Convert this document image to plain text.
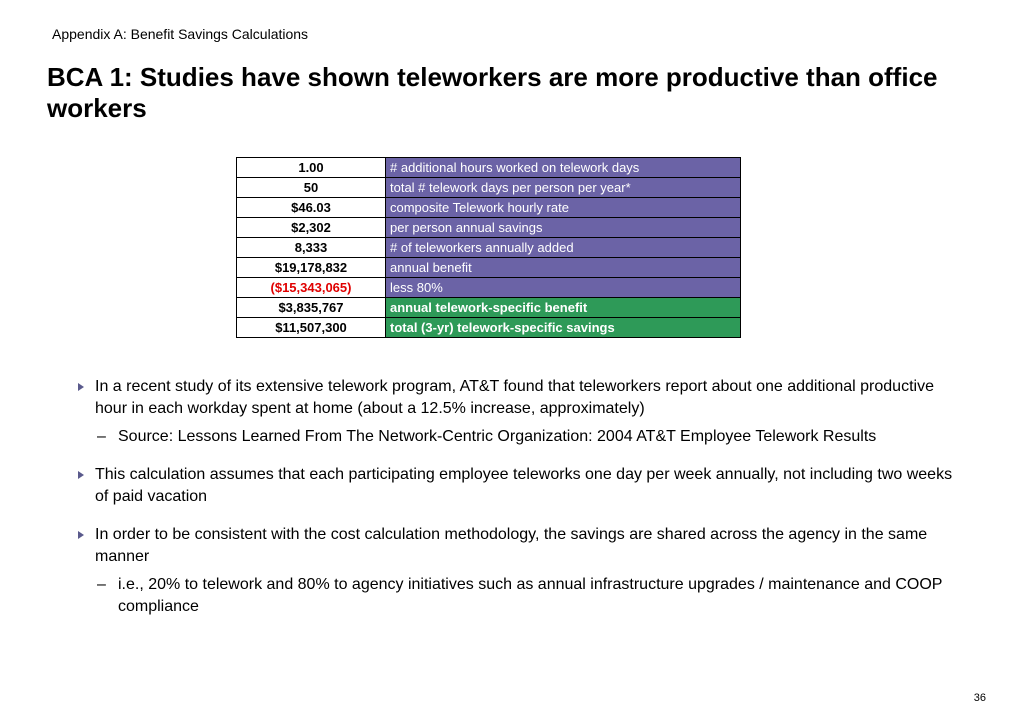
Appendix A: Benefit Savings Calculations
BCA 1: Studies have shown teleworkers are more productive than office workers
1.00	# additional hours worked on telework days
50	total # telework days per person per year*
$46.03	composite Telework hourly rate
$2,302	per person annual savings
8,333	# of teleworkers annually added
$19,178,832	annual benefit
($15,343,065)	less 80%
$3,835,767	annual telework-specific benefit
$11,507,300	total (3-yr) telework-specific savings
In a recent study of its extensive telework program, AT&T found that teleworkers report about one additional productive hour in each workday spent at home (about a 12.5% increase, approximately)
– Source: Lessons Learned From The Network-Centric Organization: 2004 AT&T Employee Telework Results
This calculation assumes that each participating employee teleworks one day per week annually, not including two weeks of paid vacation
In order to be consistent with the cost calculation methodology, the savings are shared across the agency in the same manner
– i.e., 20% to telework and 80% to agency initiatives such as annual infrastructure upgrades / maintenance and COOP compliance
36
